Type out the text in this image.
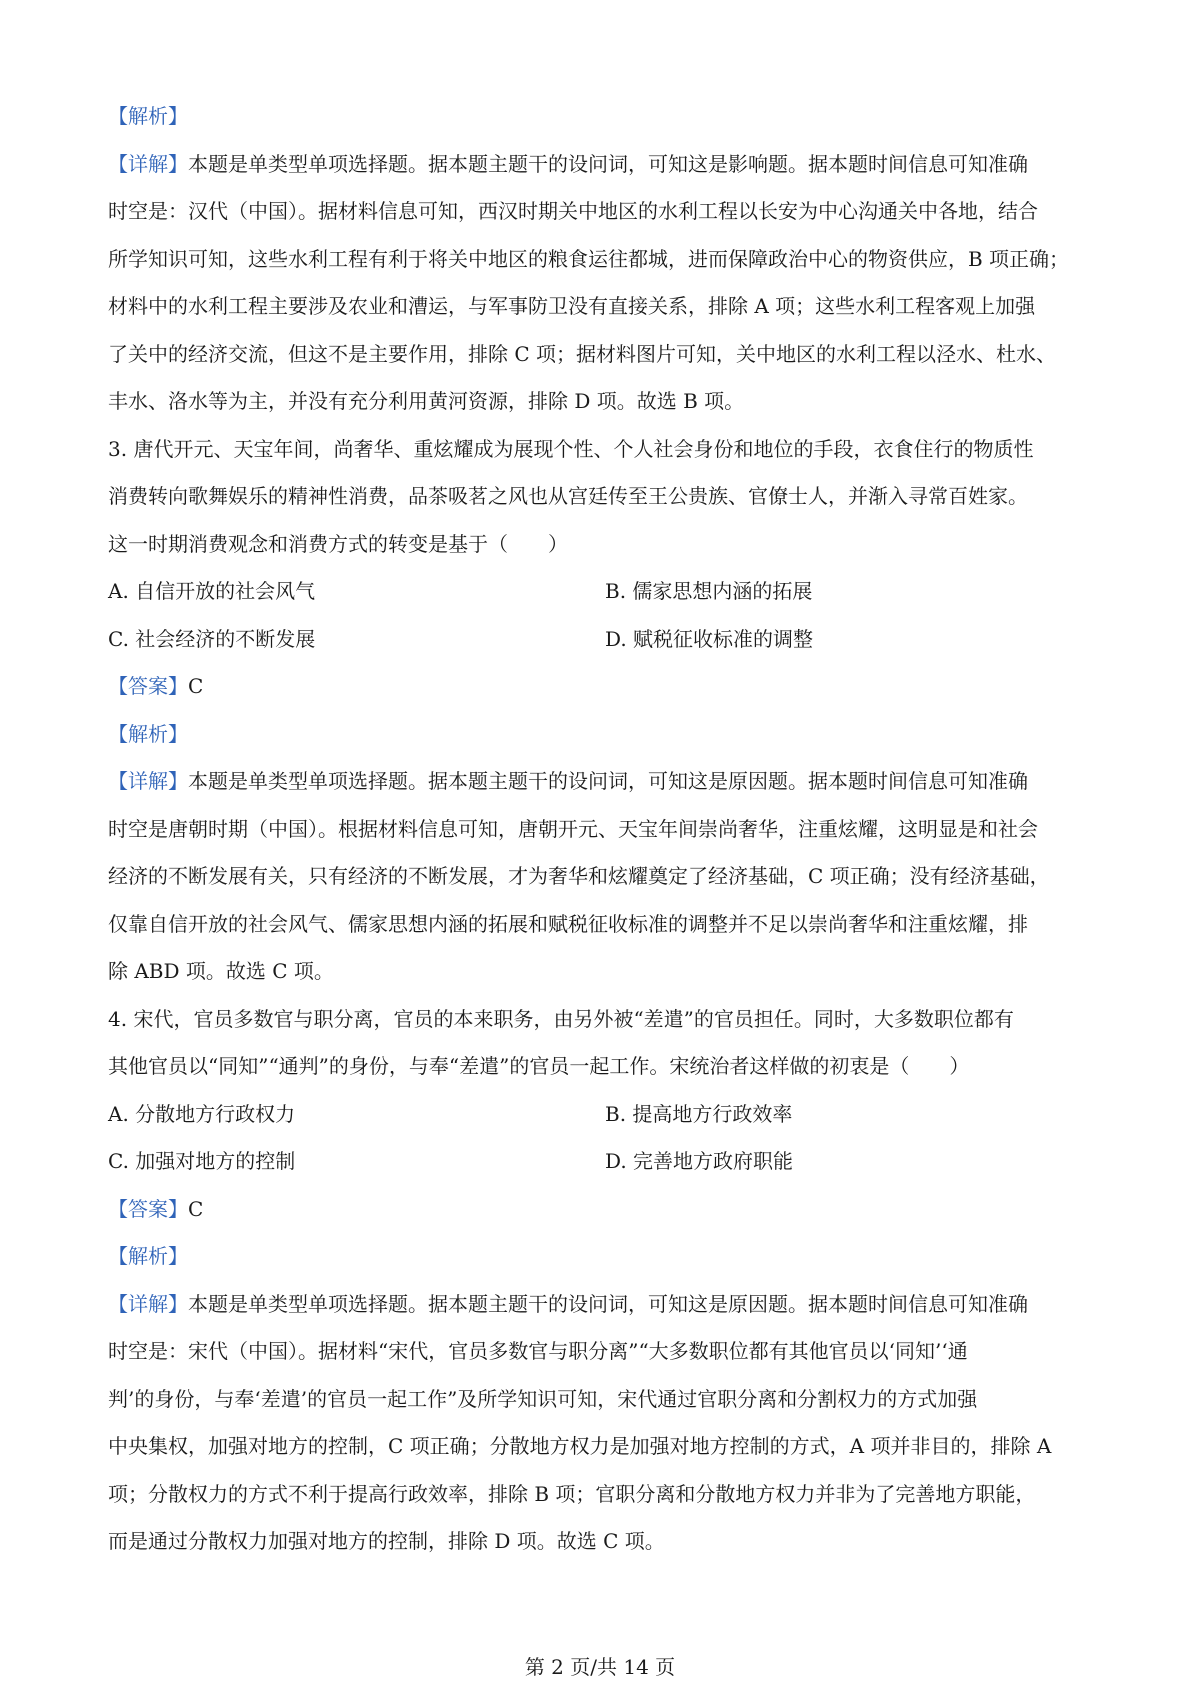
【解析】
【详解】本题是单类型单项选择题。据本题主题干的设问词，可知这是影响题。据本题时间信息可知准确
时空是：汉代（中国）。据材料信息可知，西汉时期关中地区的水利工程以长安为中心沟通关中各地，结合
所学知识可知，这些水利工程有利于将关中地区的粮食运往都城，进而保障政治中心的物资供应，B 项正确；
材料中的水利工程主要涉及农业和漕运，与军事防卫没有直接关系，排除 A 项；这些水利工程客观上加强
了关中的经济交流，但这不是主要作用，排除 C 项；据材料图片可知，关中地区的水利工程以泾水、杜水、
丰水、洛水等为主，并没有充分利用黄河资源，排除 D 项。故选 B 项。
3. 唐代开元、天宝年间，尚奢华、重炫耀成为展现个性、个人社会身份和地位的手段，衣食住行的物质性
消费转向歌舞娱乐的精神性消费，品茶吸茗之风也从宫廷传至王公贵族、官僚士人，并渐入寻常百姓家。
这一时期消费观念和消费方式的转变是基于（　　）
A. 自信开放的社会风气	B. 儒家思想内涵的拓展
C. 社会经济的不断发展	D. 赋税征收标准的调整
【答案】C
【解析】
【详解】本题是单类型单项选择题。据本题主题干的设问词，可知这是原因题。据本题时间信息可知准确
时空是唐朝时期（中国）。根据材料信息可知，唐朝开元、天宝年间崇尚奢华，注重炫耀，这明显是和社会
经济的不断发展有关，只有经济的不断发展，才为奢华和炫耀奠定了经济基础，C 项正确；没有经济基础，
仅靠自信开放的社会风气、儒家思想内涵的拓展和赋税征收标准的调整并不足以崇尚奢华和注重炫耀，排
除 ABD 项。故选 C 项。
4. 宋代，官员多数官与职分离，官员的本来职务，由另外被“差遣”的官员担任。同时，大多数职位都有
其他官员以“同知”“通判”的身份，与奉“差遣”的官员一起工作。宋统治者这样做的初衷是（　　）
A. 分散地方行政权力	B. 提高地方行政效率
C. 加强对地方的控制	D. 完善地方政府职能
【答案】C
【解析】
【详解】本题是单类型单项选择题。据本题主题干的设问词，可知这是原因题。据本题时间信息可知准确
时空是：宋代（中国）。据材料“宋代，官员多数官与职分离”“大多数职位都有其他官员以‘同知’‘通
判’的身份，与奉‘差遣’的官员一起工作”及所学知识可知，宋代通过官职分离和分割权力的方式加强
中央集权，加强对地方的控制，C 项正确；分散地方权力是加强对地方控制的方式，A 项并非目的，排除 A
项；分散权力的方式不利于提高行政效率，排除 B 项；官职分离和分散地方权力并非为了完善地方职能，
而是通过分散权力加强对地方的控制，排除 D 项。故选 C 项。
第 2 页/共 14 页
